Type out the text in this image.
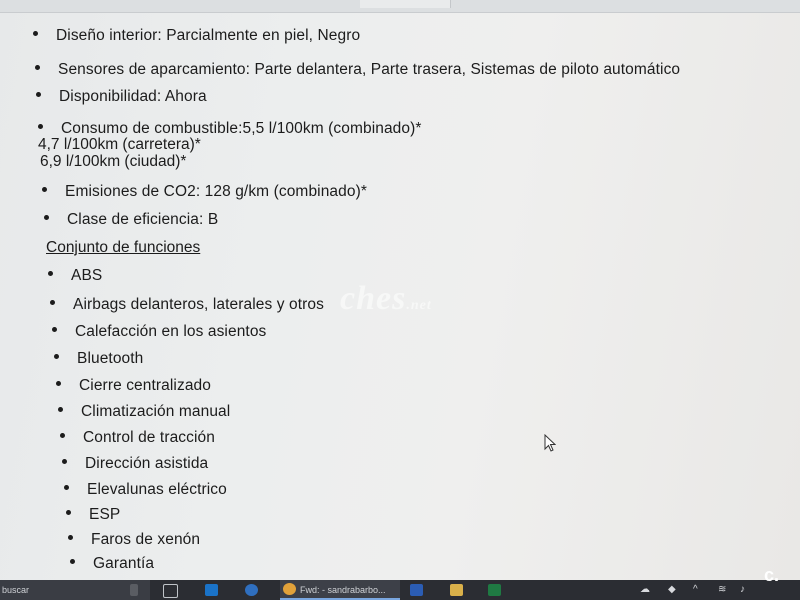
Diseño interior: Parcialmente en piel, Negro
Sensores de aparcamiento: Parte delantera, Parte trasera, Sistemas de piloto automático
Disponibilidad: Ahora
Consumo de combustible:5,5 l/100km (combinado)*
4,7 l/100km (carretera)*
6,9 l/100km (ciudad)*
Emisiones de CO2: 128 g/km (combinado)*
Clase de eficiencia: B
Conjunto de funciones
ABS
Airbags delanteros, laterales y otros
Calefacción en los asientos
Bluetooth
Cierre centralizado
Climatización manual
Control de tracción
Dirección asistida
Elevalunas eléctrico
ESP
Faros de xenón
Garantía
ches.net
buscar	Fwd: - sandrabarbo...	☁ ◆ ^ ≋ ♪
c.
